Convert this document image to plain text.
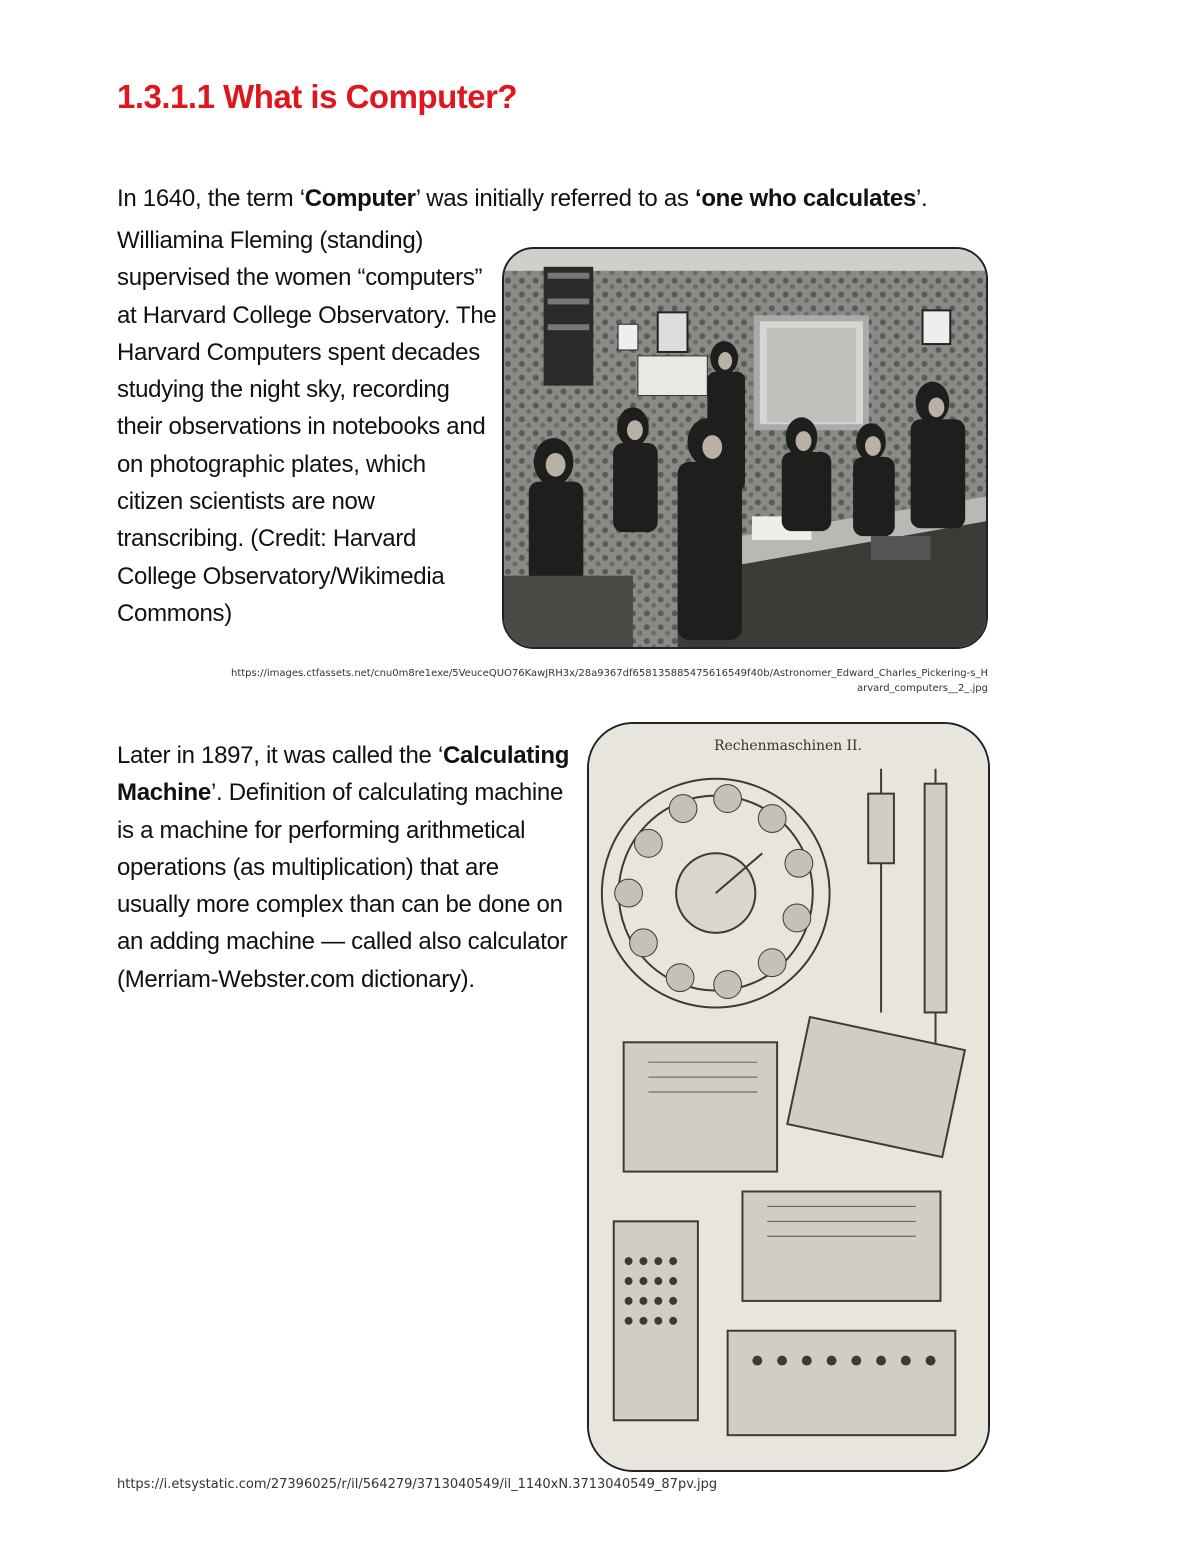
1.3.1.1 What is Computer?
In 1640, the term ‘Computer’ was initially referred to as ‘one who calculates’.

Williamina Fleming (standing) supervised the women “computers” at Harvard College Observatory. The Harvard Computers spent decades studying the night sky, recording their observations in notebooks and on photographic plates, which citizen scientists are now transcribing. (Credit: Harvard College Observatory/Wikimedia Commons)

https://images.ctfassets.net/cnu0m8re1exe/5VeuceQUO76KawJRH3x/28a9367df658135885475616549f40b/Astronomer_Edward_Charles_Pickering-s_Harvard_computers__2_.jpg

Later in 1897, it was called the ‘Calculating Machine’. Definition of calculating machine is a machine for performing arithmetical operations (as multiplication) that are usually more complex than can be done on an adding machine — called also calculator (Merriam-Webster.com dictionary).

Rechenmaschinen II.
https://i.etsystatic.com/27396025/r/il/564279/3713040549/il_1140xN.3713040549_87pv.jpg
